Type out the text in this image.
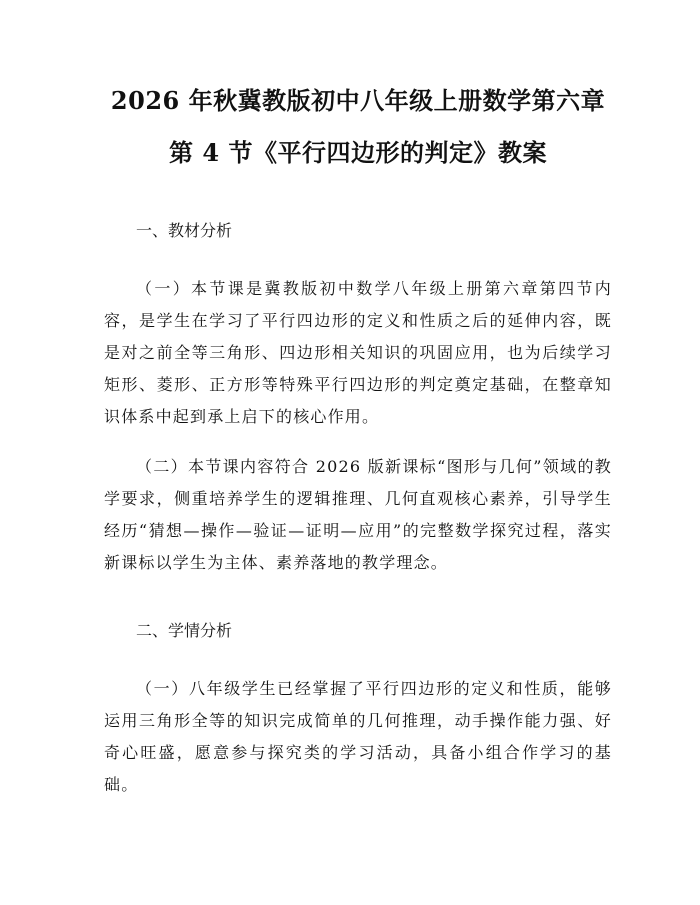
2026 年秋冀教版初中八年级上册数学第六章
第 4 节《平行四边形的判定》教案
一、教材分析

（一）本节课是冀教版初中数学八年级上册第六章第四节内容，是学生在学习了平行四边形的定义和性质之后的延伸内容，既是对之前全等三角形、四边形相关知识的巩固应用，也为后续学习矩形、菱形、正方形等特殊平行四边形的判定奠定基础，在整章知识体系中起到承上启下的核心作用。

（二）本节课内容符合 2026 版新课标“图形与几何”领域的教学要求，侧重培养学生的逻辑推理、几何直观核心素养，引导学生经历“猜想—操作—验证—证明—应用”的完整数学探究过程，落实新课标以学生为主体、素养落地的教学理念。

二、学情分析

（一）八年级学生已经掌握了平行四边形的定义和性质，能够运用三角形全等的知识完成简单的几何推理，动手操作能力强、好奇心旺盛，愿意参与探究类的学习活动，具备小组合作学习的基础。
